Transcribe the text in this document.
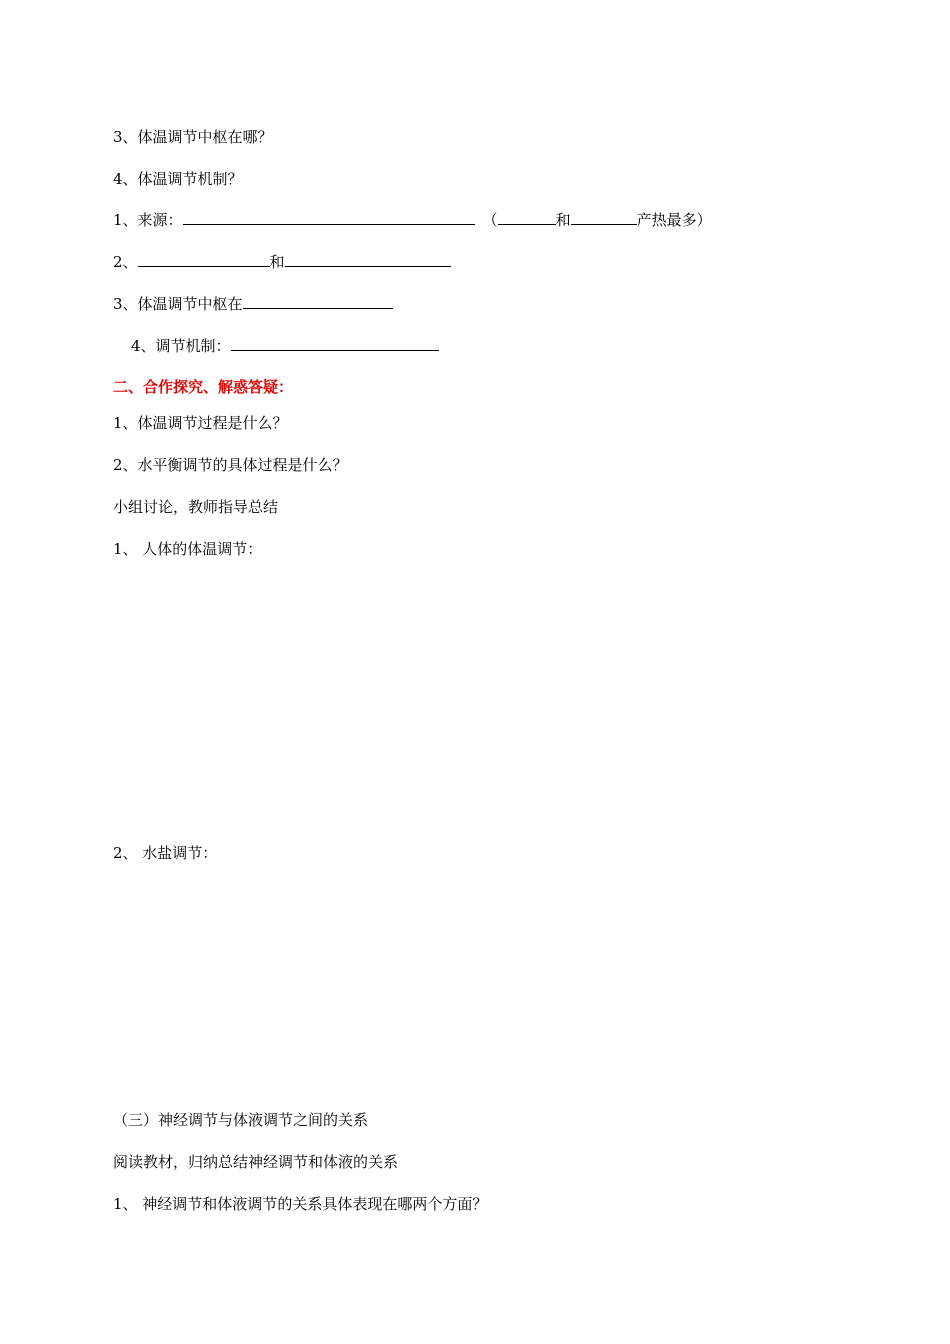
3、体温调节中枢在哪？
4、体温调节机制？
1、来源：	（	和	产热最多）
2、	和
3、体温调节中枢在
4、调节机制：
二、合作探究、解惑答疑：
1、体温调节过程是什么？
2、水平衡调节的具体过程是什么？
小组讨论，教师指导总结
1、 人体的体温调节：
2、 水盐调节：
（三）神经调节与体液调节之间的关系
阅读教材，归纳总结神经调节和体液的关系
1、 神经调节和体液调节的关系具体表现在哪两个方面？
